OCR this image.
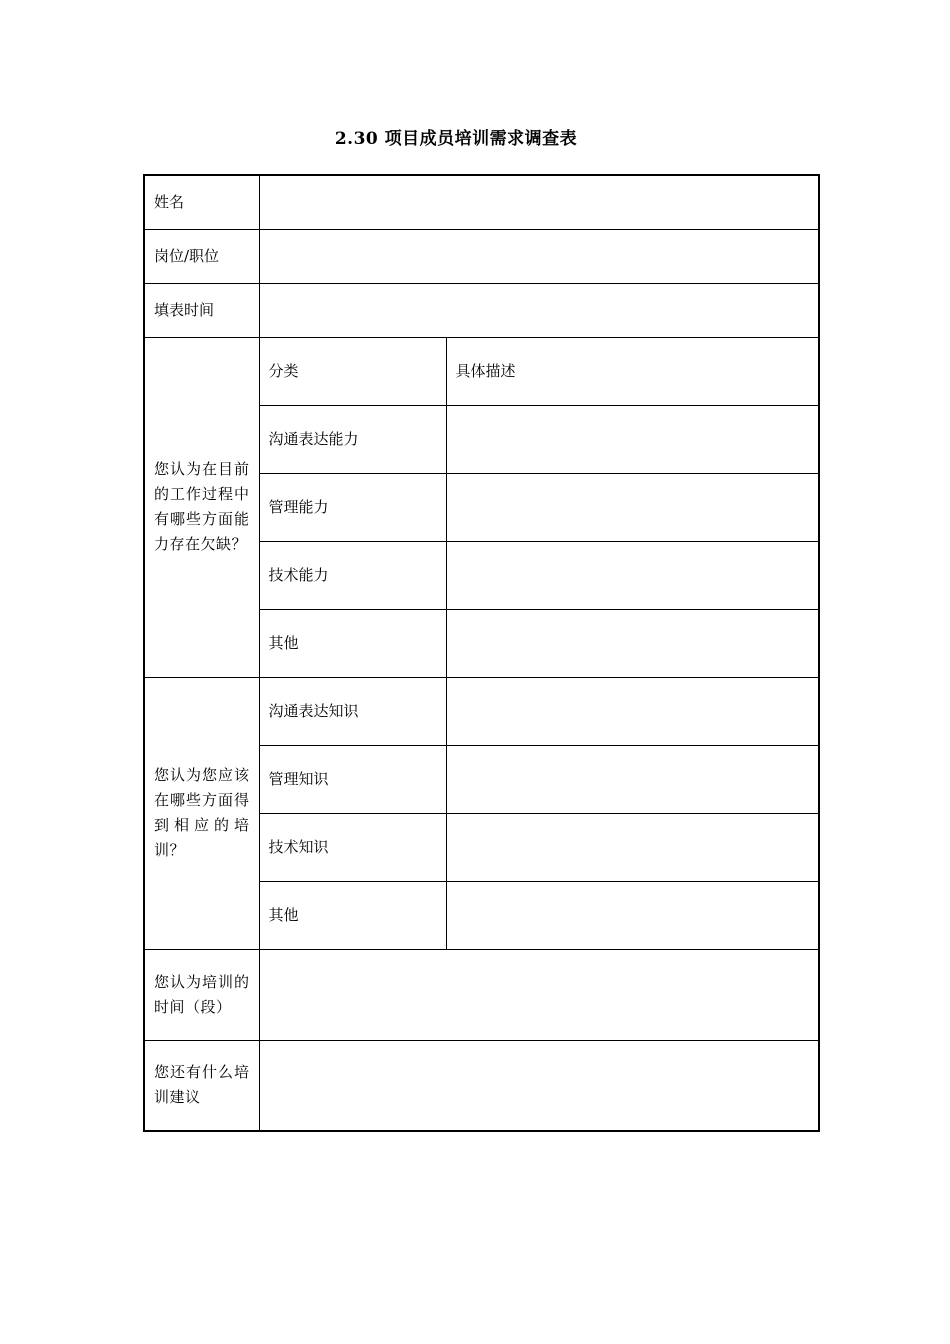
2.30 项目成员培训需求调查表
姓名		
岗位/职位		
填表时间		
您认为在目前的工作过程中有哪些方面能力存在欠缺？	分类	具体描述
	沟通表达能力	
	管理能力	
	技术能力	
	其他	
您认为您应该在哪些方面得到相应的培训？	沟通表达知识	
	管理知识	
	技术知识	
	其他	
您认为培训的时间（段）		
您还有什么培训建议		
